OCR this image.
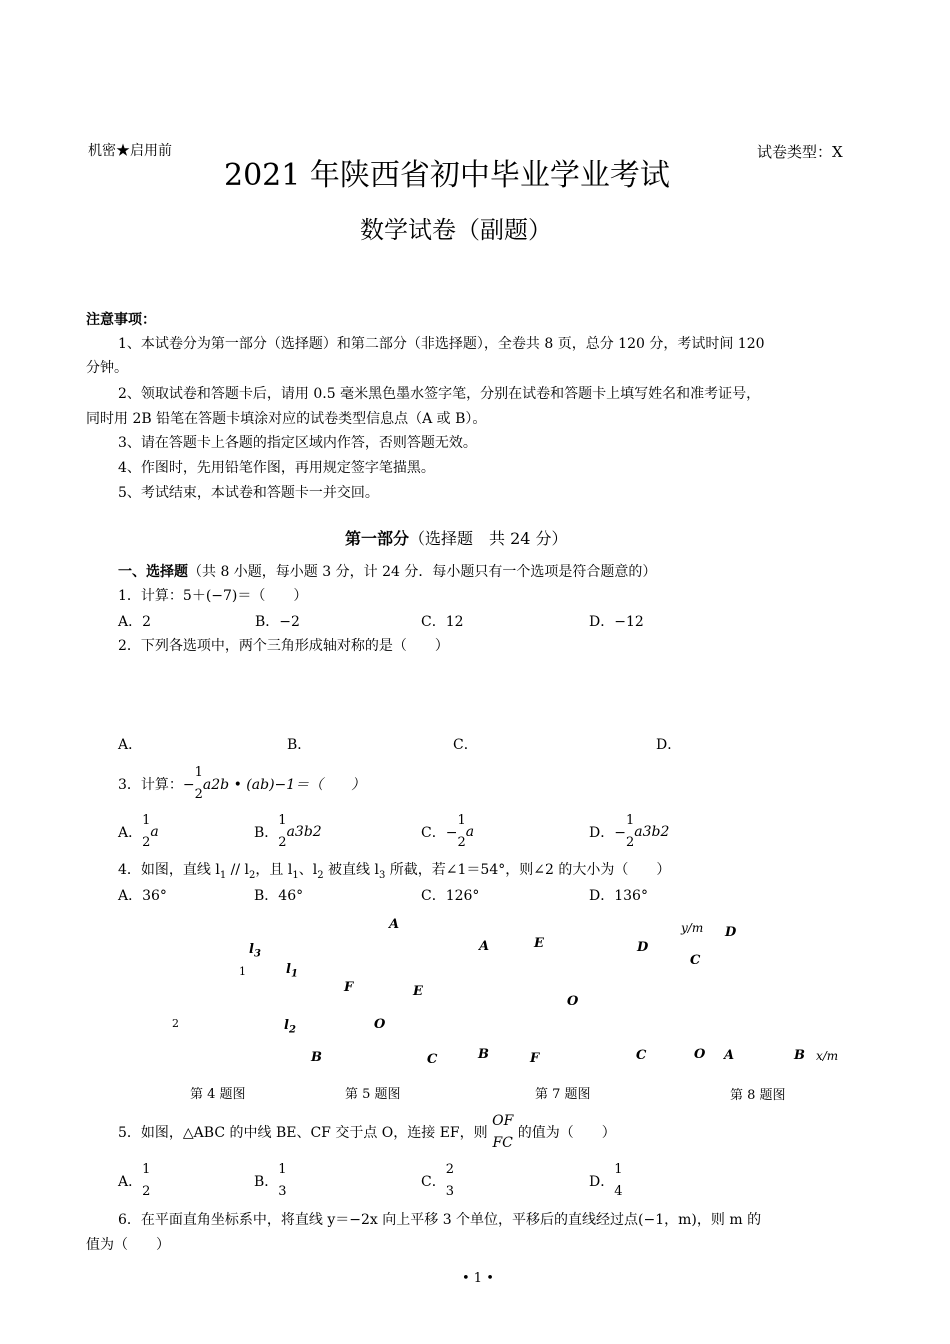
机密★启用前	试卷类型：X
2021 年陕西省初中毕业学业考试
数学试卷（副题）
注意事项：
1、本试卷分为第一部分（选择题）和第二部分（非选择题），全卷共 8 页，总分 120 分，考试时间 120
分钟。
2、领取试卷和答题卡后，请用 0.5 毫米黑色墨水签字笔，分别在试卷和答题卡上填写姓名和准考证号，
同时用 2B 铅笔在答题卡填涂对应的试卷类型信息点（A 或 B）。
3、请在答题卡上各题的指定区域内作答，否则答题无效。
4、作图时，先用铅笔作图，再用规定签字笔描黑。
5、考试结束，本试卷和答题卡一并交回。
第一部分（选择题　共 24 分）
一、选择题（共 8 小题，每小题 3 分，计 24 分．每小题只有一个选项是符合题意的）
1．计算：5＋(−7)＝（　　）
A．2	B．−2	C．12	D．−12
2．下列各选项中，两个三角形成轴对称的是（　　）
A．	B．	C．	D．
3．计算：−
1
2
a2b • (ab)−1＝（　　）
A．
1
2
a	B．
1
2
a3b2	C．−
1
2
a	D．−
1
2
a3b2
4．如图，直线 $l_1 // l_2$，且 $l_1$、$l_2$ 被直线 $l_3$ 所截，若∠1＝54°，则∠2 的大小为（　　）
A．36°	B．46°	C．126°	D．136°
$l_3$
1	$l_1$
2	$l_2$
第 4 题图
A
F	E
O
B	C
第 5 题图
A	E
O
B	F
第 7 题图
y/m D
D
C
C	O A	B x/m
第 8 题图
5．如图，△ABC 的中线 BE、CF 交于点 O，连接 EF，则
OF
FC
的值为（　　）
A．
1
2
B．
1
3
C．
2
3
D．
1
4
6．在平面直角坐标系中，将直线 y＝−2x 向上平移 3 个单位，平移后的直线经过点(−1，m)，则 m 的
值为（　　）
• 1 •
